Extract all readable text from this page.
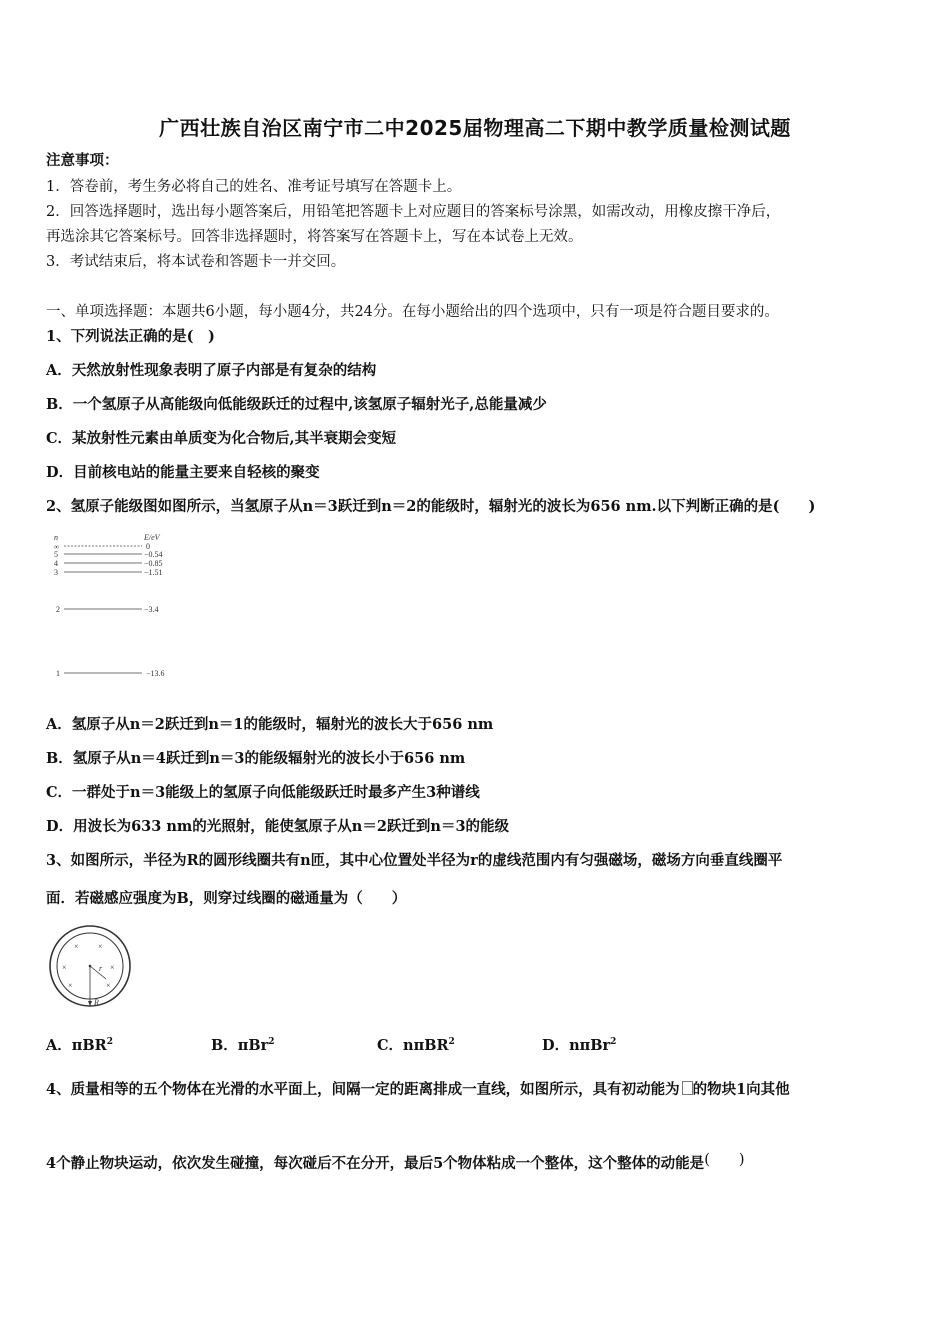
广西壮族自治区南宁市二中2025届物理高二下期中教学质量检测试题
注意事项：
1．答卷前，考生务必将自己的姓名、准考证号填写在答题卡上。
2．回答选择题时，选出每小题答案后，用铅笔把答题卡上对应题目的答案标号涂黑，如需改动，用橡皮擦干净后，
再选涂其它答案标号。回答非选择题时，将答案写在答题卡上，写在本试卷上无效。
3．考试结束后，将本试卷和答题卡一并交回。
一、单项选择题：本题共6小题，每小题4分，共24分。在每小题给出的四个选项中，只有一项是符合题目要求的。
1、下列说法正确的是(　)
A．天然放射性现象表明了原子内部是有复杂的结构
B．一个氢原子从高能级向低能级跃迁的过程中,该氢原子辐射光子,总能量减少
C．某放射性元素由单质变为化合物后,其半衰期会变短
D．目前核电站的能量主要来自轻核的聚变
2、氢原子能级图如图所示，当氢原子从n＝3跃迁到n＝2的能级时，辐射光的波长为656 nm.以下判断正确的是(　　)
n	E/eV
∞	0
5	−0.54
4	−0.85
3	−1.51
2	−3.4
1	−13.6
A．氢原子从n＝2跃迁到n＝1的能级时，辐射光的波长大于656 nm
B．氢原子从n＝4跃迁到n＝3的能级辐射光的波长小于656 nm
C．一群处于n＝3能级上的氢原子向低能级跃迁时最多产生3种谱线
D．用波长为633 nm的光照射，能使氢原子从n＝2跃迁到n＝3的能级
3、如图所示，半径为R的圆形线圈共有n匝，其中心位置处半径为r的虚线范围内有匀强磁场，磁场方向垂直线圈平
面．若磁感应强度为B，则穿过线圈的磁通量为（　　）
r
R
× ×
×	×
×	×
A．πBR$^2$	B．πBr$^2$	C．nπBR$^2$	D．nπBr$^2$
4、质量相等的五个物体在光滑的水平面上，间隔一定的距离排成一直线，如图所示，具有初动能为 的物块1向其他
4个静止物块运动，依次发生碰撞，每次碰后不在分开，最后5个物体粘成一个整体，这个整体的动能是(　　)
